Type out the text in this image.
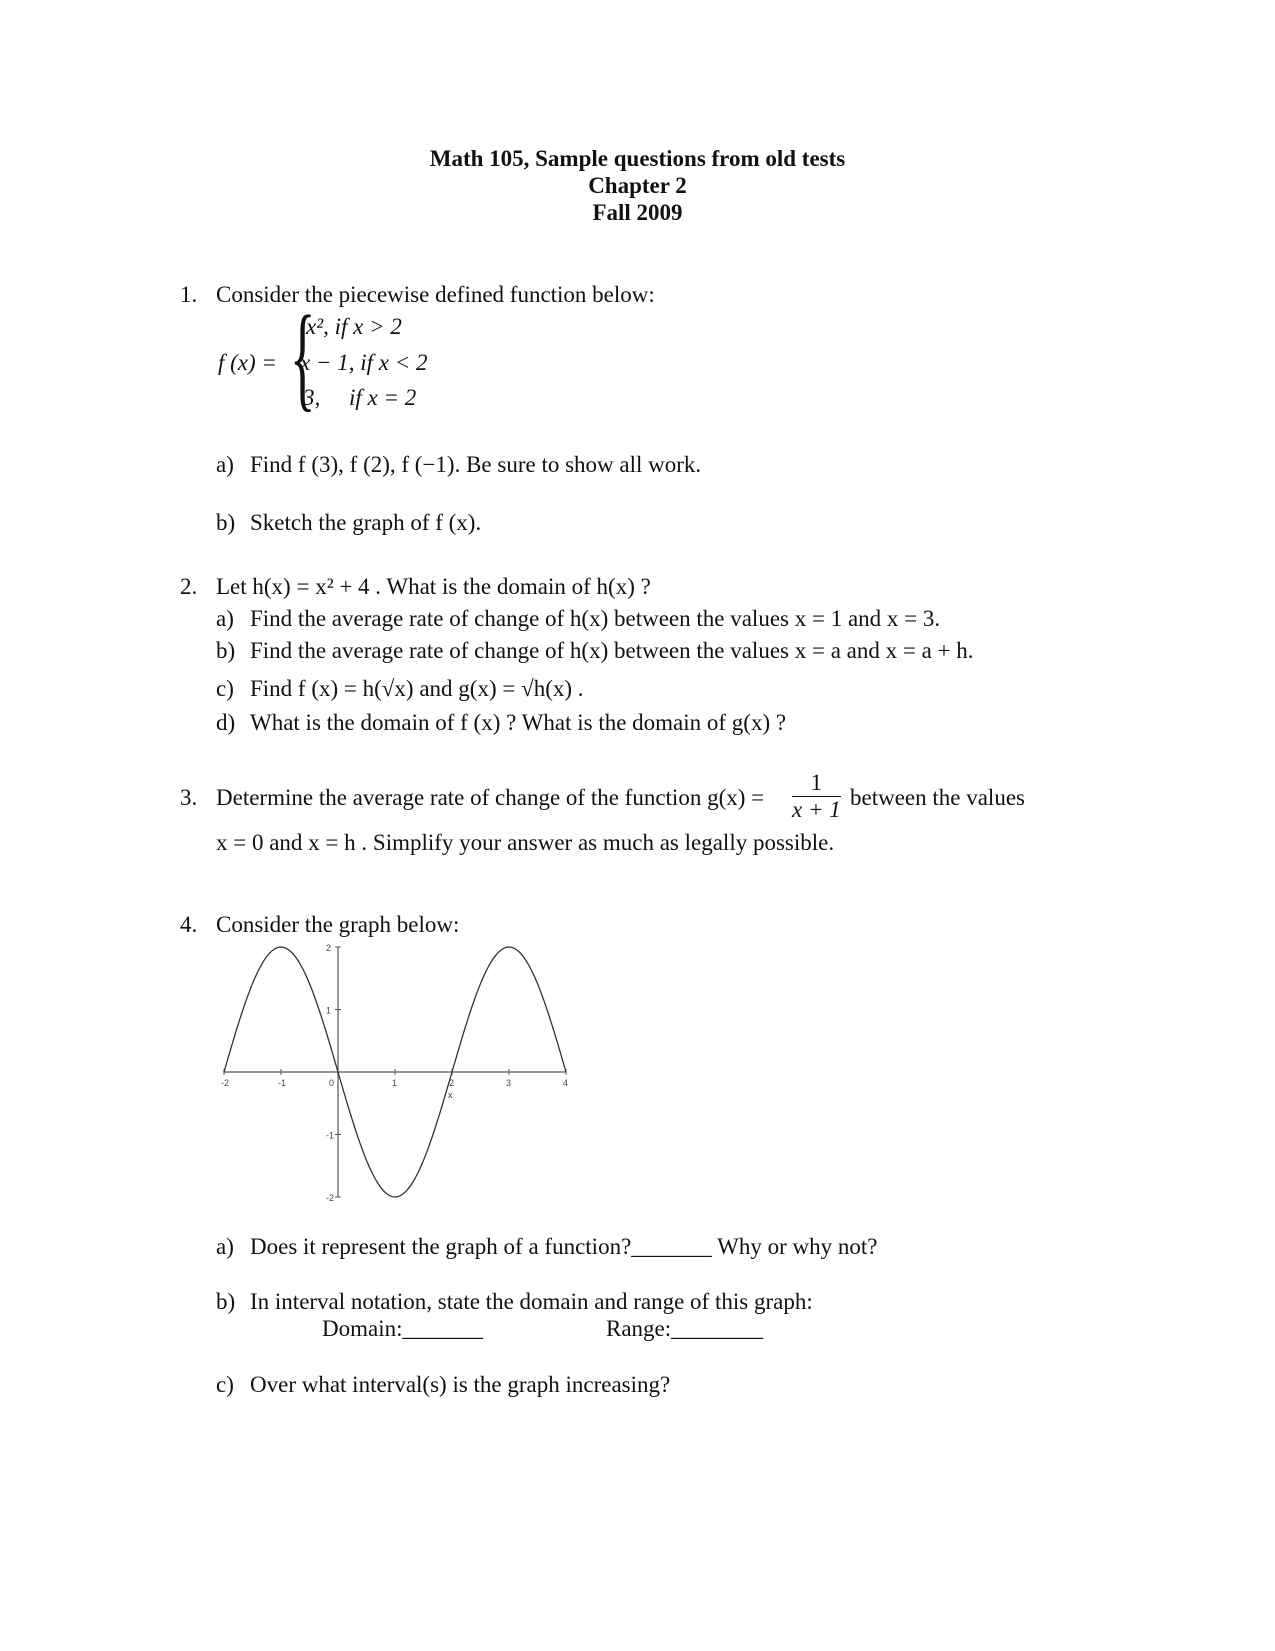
Math 105, Sample questions from old tests
Chapter 2
Fall 2009
1. Consider the piecewise defined function below:
f (x) = {
x², if x > 2
x − 1, if x < 2
3,     if x = 2
a) Find f (3), f (2), f (−1). Be sure to show all work.
b) Sketch the graph of f (x).
2. Let h(x) = x² + 4 . What is the domain of h(x) ?
a) Find the average rate of change of h(x) between the values x = 1 and x = 3.
b) Find the average rate of change of h(x) between the values x = a and x = a + h.
c) Find f (x) = h(√x) and g(x) = √h(x) .
d) What is the domain of f (x) ? What is the domain of g(x) ?
3. Determine the average rate of change of the function $g(x) = \frac{1}{x + 1}$ between the values
x = 0 and x = h . Simplify your answer as much as legally possible.
4. Consider the graph below:
-2	-1	0	1	2	3	4
2
1
-1
-2
x
a) Does it represent the graph of a function?_______ Why or why not?
b) In interval notation, state the domain and range of this graph:
Domain:_______	Range:________
c) Over what interval(s) is the graph increasing?
